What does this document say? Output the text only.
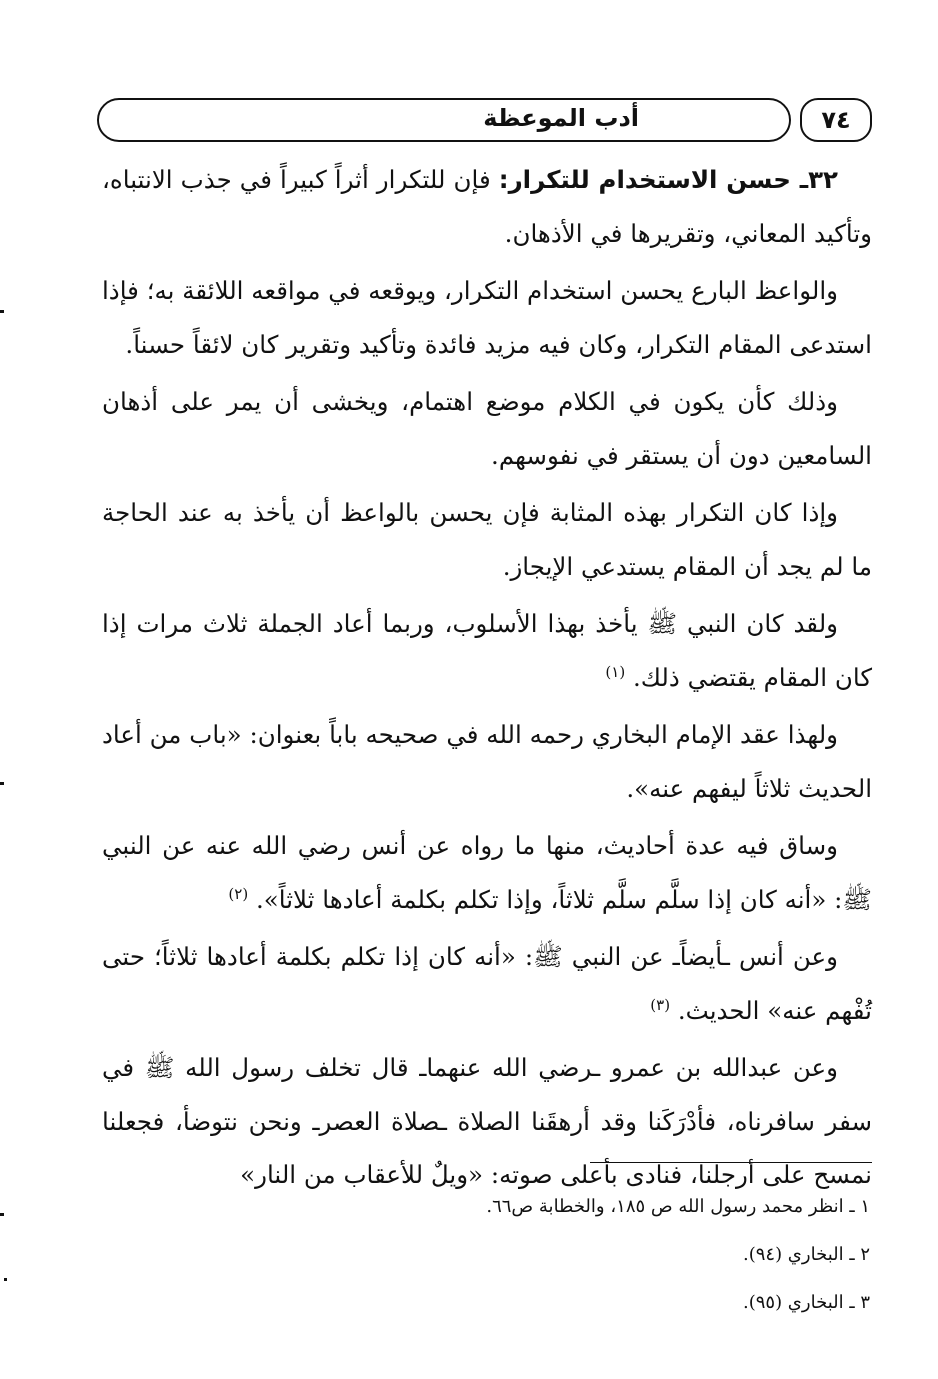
أدب الموعظة	٧٤

٣٢ـ حسن الاستخدام للتكرار: فإن للتكرار أثراً كبيراً في جذب الانتباه، وتأكيد المعاني، وتقريرها في الأذهان.

والواعظ البارع يحسن استخدام التكرار، ويوقعه في مواقعه اللائقة به؛ فإذا استدعى المقام التكرار، وكان فيه مزيد فائدة وتأكيد وتقرير كان لائقاً حسناً.

وذلك كأن يكون في الكلام موضع اهتمام، ويخشى أن يمر على أذهان السامعين دون أن يستقر في نفوسهم.

وإذا كان التكرار بهذه المثابة فإن يحسن بالواعظ أن يأخذ به عند الحاجة ما لم يجد أن المقام يستدعي الإيجاز.

ولقد كان النبي ﷺ يأخذ بهذا الأسلوب، وربما أعاد الجملة ثلاث مرات إذا كان المقام يقتضي ذلك. $^{(١)}$

ولهذا عقد الإمام البخاري رحمه الله في صحيحه باباً بعنوان: «باب من أعاد الحديث ثلاثاً ليفهم عنه».

وساق فيه عدة أحاديث، منها ما رواه عن أنس رضي الله عنه عن النبي ﷺ: «أنه كان إذا سلَّم سلَّم ثلاثاً، وإذا تكلم بكلمة أعادها ثلاثاً». $^{(٢)}$

وعن أنس ـأيضاًـ عن النبي ﷺ: «أنه كان إذا تكلم بكلمة أعادها ثلاثاً؛ حتى تُفْهم عنه» الحديث. $^{(٣)}$

وعن عبدالله بن عمرو ـرضي الله عنهماـ قال تخلف رسول الله ﷺ في سفر سافرناه، فأدْرَكَنا وقد أرهقَنا الصلاة ـصلاة العصرـ ونحن نتوضأ، فجعلنا نمسح على أرجلنا، فنادى بأعلى صوته: «ويلٌ للأعقاب من النار»

١ ـ انظر محمد رسول الله ص ١٨٥، والخطابة ص٦٦.

٢ ـ البخاري (٩٤).

٣ ـ البخاري (٩٥).
